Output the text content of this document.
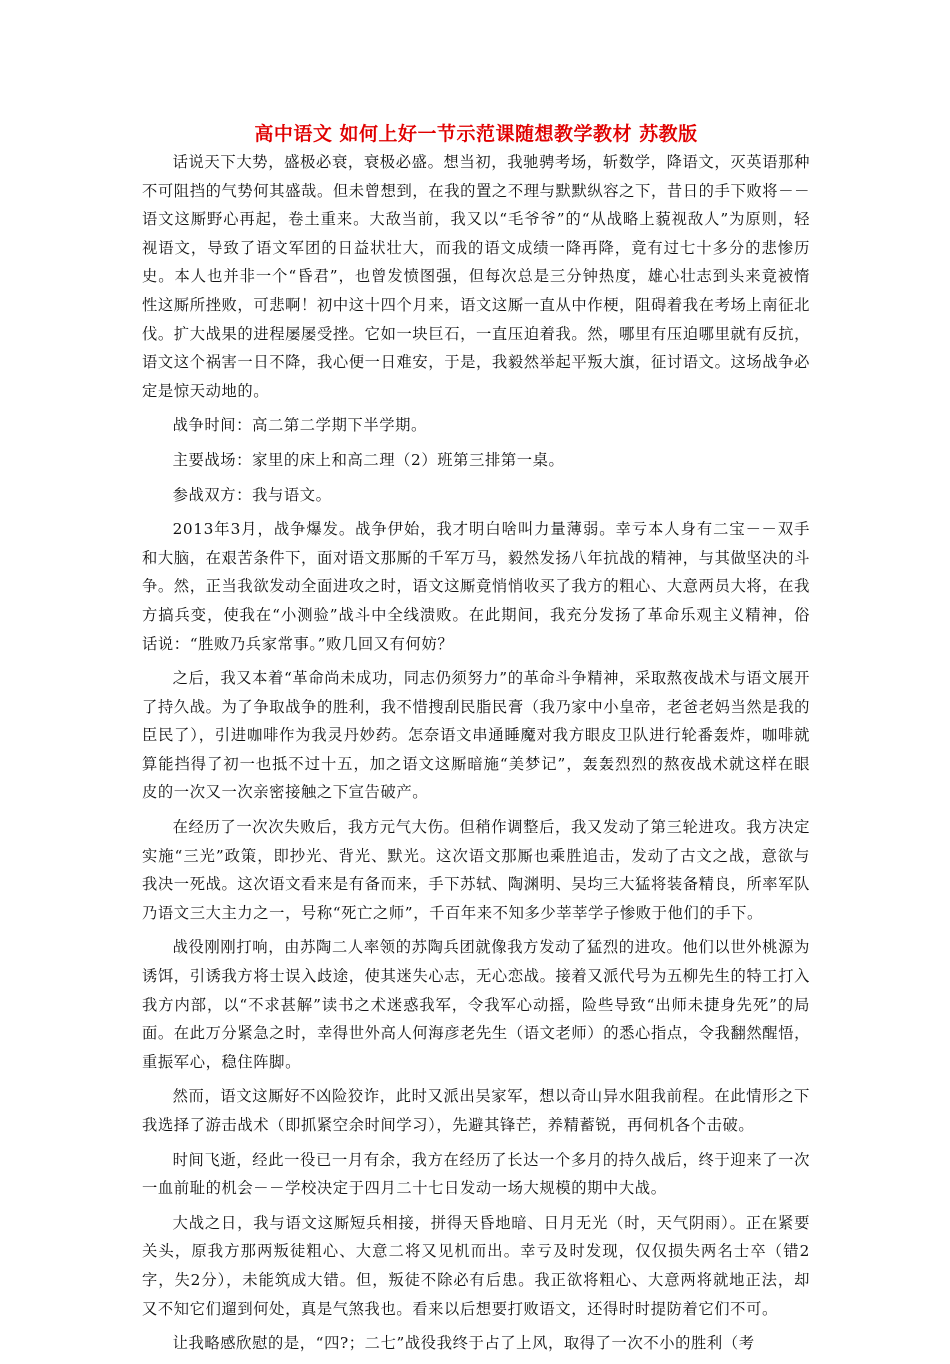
高中语文 如何上好一节示范课随想教学教材 苏教版

话说天下大势，盛极必衰，衰极必盛。想当初，我驰骋考场，斩数学，降语文，灭英语那种不可阻挡的气势何其盛哉。但未曾想到，在我的置之不理与默默纵容之下，昔日的手下败将－－语文这厮野心再起，卷土重来。大敌当前，我又以“毛爷爷”的“从战略上藐视敌人”为原则，轻视语文，导致了语文军团的日益状壮大，而我的语文成绩一降再降，竟有过七十多分的悲惨历史。本人也并非一个“昏君”，也曾发愤图强，但每次总是三分钟热度，雄心壮志到头来竟被惰性这厮所挫败，可悲啊！初中这十四个月来，语文这厮一直从中作梗，阻碍着我在考场上南征北伐。扩大战果的进程屡屡受挫。它如一块巨石，一直压迫着我。然，哪里有压迫哪里就有反抗，语文这个祸害一日不降，我心便一日难安，于是，我毅然举起平叛大旗，征讨语文。这场战争必定是惊天动地的。

战争时间：高二第二学期下半学期。

主要战场：家里的床上和高二理（2）班第三排第一桌。

参战双方：我与语文。

2013年3月，战争爆发。战争伊始，我才明白啥叫力量薄弱。幸亏本人身有二宝－－双手和大脑，在艰苦条件下，面对语文那厮的千军万马，毅然发扬八年抗战的精神，与其做坚决的斗争。然，正当我欲发动全面进攻之时，语文这厮竟悄悄收买了我方的粗心、大意两员大将，在我方搞兵变，使我在“小测验”战斗中全线溃败。在此期间，我充分发扬了革命乐观主义精神，俗话说：“胜败乃兵家常事。”败几回又有何妨？

之后，我又本着“革命尚未成功，同志仍须努力”的革命斗争精神，采取熬夜战术与语文展开了持久战。为了争取战争的胜利，我不惜搜刮民脂民膏（我乃家中小皇帝，老爸老妈当然是我的臣民了），引进咖啡作为我灵丹妙药。怎奈语文串通睡魔对我方眼皮卫队进行轮番轰炸，咖啡就算能挡得了初一也抵不过十五，加之语文这厮暗施“美梦记”，轰轰烈烈的熬夜战术就这样在眼皮的一次又一次亲密接触之下宣告破产。

在经历了一次次失败后，我方元气大伤。但稍作调整后，我又发动了第三轮进攻。我方决定实施“三光”政策，即抄光、背光、默光。这次语文那厮也乘胜追击，发动了古文之战，意欲与我决一死战。这次语文看来是有备而来，手下苏轼、陶渊明、吴均三大猛将装备精良，所率军队乃语文三大主力之一，号称“死亡之师”，千百年来不知多少莘莘学子惨败于他们的手下。

战役刚刚打响，由苏陶二人率领的苏陶兵团就像我方发动了猛烈的进攻。他们以世外桃源为诱饵，引诱我方将士误入歧途，使其迷失心志，无心恋战。接着又派代号为五柳先生的特工打入我方内部，以“不求甚解”读书之术迷惑我军，令我军心动摇，险些导致“出师未捷身先死”的局面。在此万分紧急之时，幸得世外高人何海彦老先生（语文老师）的悉心指点，令我翻然醒悟，重振军心，稳住阵脚。

然而，语文这厮好不凶险狡诈，此时又派出吴家军，想以奇山异水阻我前程。在此情形之下我选择了游击战术（即抓紧空余时间学习），先避其锋芒，养精蓄锐，再伺机各个击破。

时间飞逝，经此一役已一月有余，我方在经历了长达一个多月的持久战后，终于迎来了一次一血前耻的机会－－学校决定于四月二十七日发动一场大规模的期中大战。

大战之日，我与语文这厮短兵相接，拼得天昏地暗、日月无光（时，天气阴雨）。正在紧要关头，原我方那两叛徒粗心、大意二将又见机而出。幸亏及时发现，仅仅损失两名士卒（错2字，失2分），未能筑成大错。但，叛徒不除必有后患。我正欲将粗心、大意两将就地正法，却又不知它们遛到何处，真是气煞我也。看来以后想要打败语文，还得时时提防着它们不可。

让我略感欣慰的是，“四?；二七”战役我终于占了上风，取得了一次不小的胜利（考
